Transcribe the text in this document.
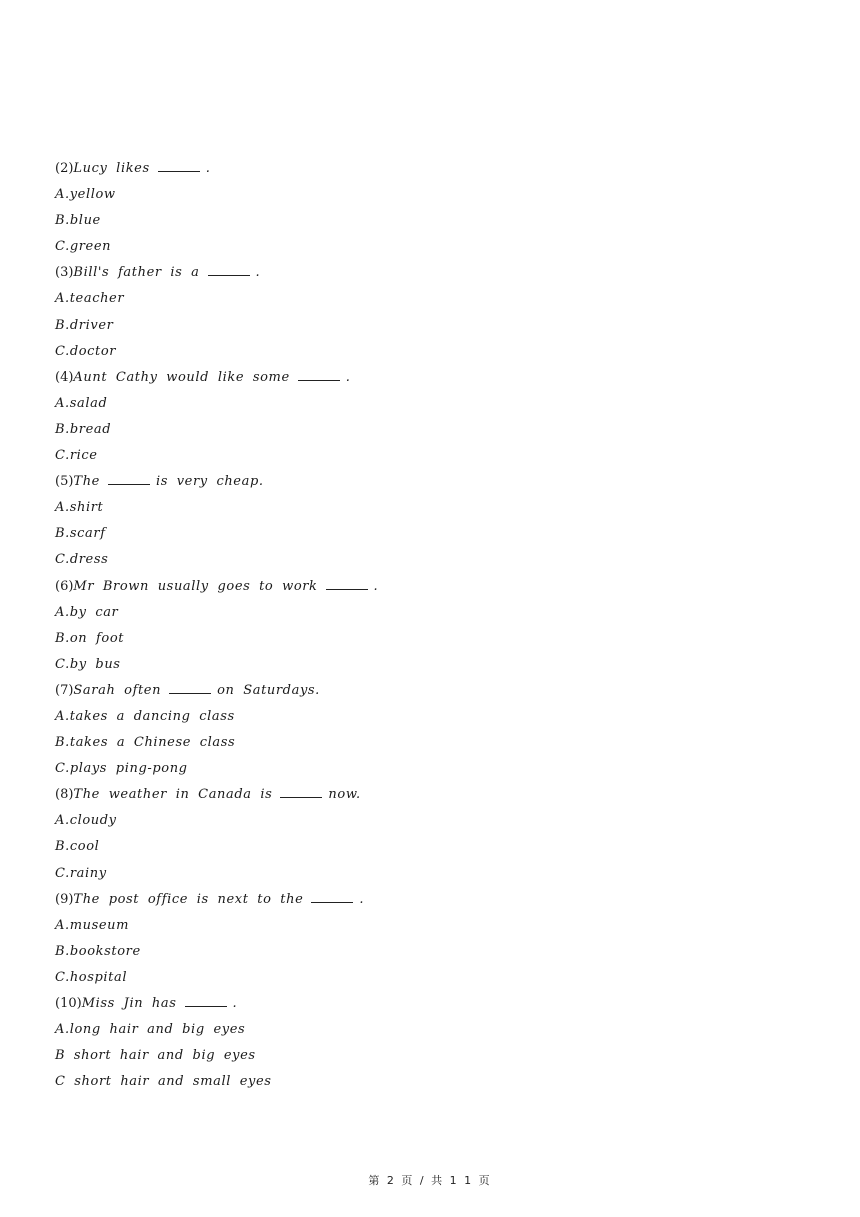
(2)Lucy likes	.
A.yellow
B.blue
C.green
(3)Bill's father is a	.
A.teacher
B.driver
C.doctor
(4)Aunt Cathy would like some	.
A.salad
B.bread
C.rice
(5)The	is very cheap.
A.shirt
B.scarf
C.dress
(6)Mr Brown usually goes to work	.
A.by car
B.on foot
C.by bus
(7)Sarah often	on Saturdays.
A.takes a dancing class
B.takes a Chinese class
C.plays ping-pong
(8)The weather in Canada is	now.
A.cloudy
B.cool
C.rainy
(9)The post office is next to the	.
A.museum
B.bookstore
C.hospital
(10)Miss Jin has	.
A.long hair and big eyes
B short hair and big eyes
C short hair and small eyes
第 2 页 / 共 1 1 页
